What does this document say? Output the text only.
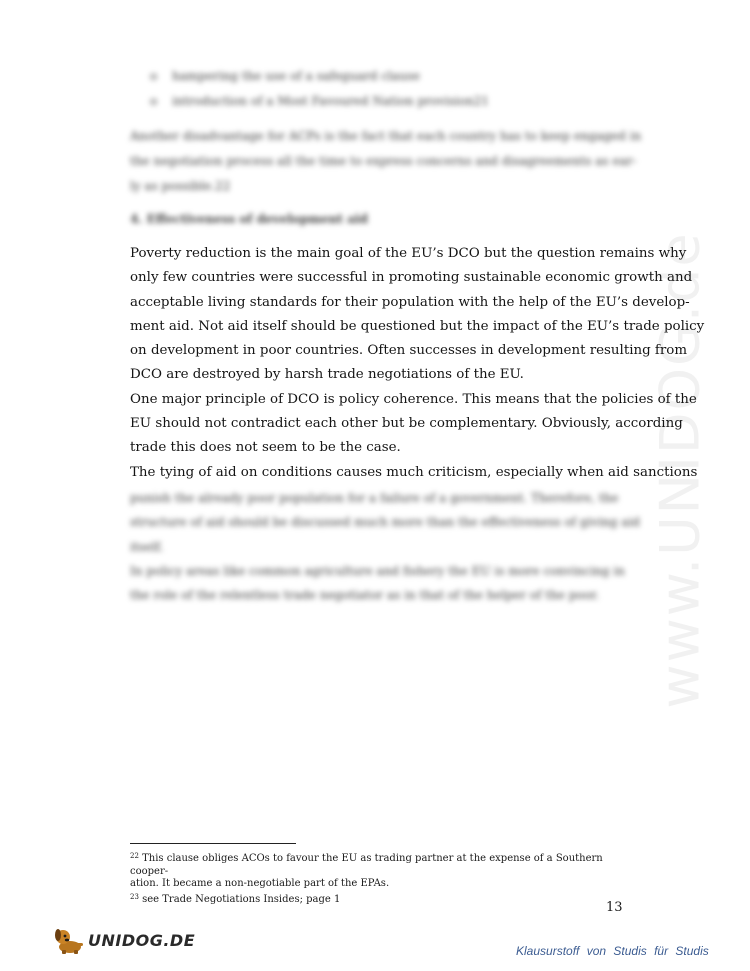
www.UNIDOG.de
o hampering the use of a safeguard clause
o introduction of a Most Favoured Nation provision21
Another disadvantage for ACPs is the fact that each country has to keep engaged in
the negotiation process all the time to express concerns and disagreements as ear-
ly as possible.22
4. Effectiveness of development aid

Poverty reduction is the main goal of the EU’s DCO but the question remains why
only few countries were successful in promoting sustainable economic growth and
acceptable living standards for their population with the help of the EU’s develop-
ment aid. Not aid itself should be questioned but the impact of the EU’s trade policy
on development in poor countries. Often successes in development resulting from
DCO are destroyed by harsh trade negotiations of the EU.

One major principle of DCO is policy coherence. This means that the policies of the
EU should not contradict each other but be complementary. Obviously, according
trade this does not seem to be the case.

The tying of aid on conditions causes much criticism, especially when aid sanctions

punish the already poor population for a failure of a government. Therefore, the
structure of aid should be discussed much more than the effectiveness of giving aid
itself.
In policy areas like common agriculture and fishery the EU is more convincing in
the role of the relentless trade negotiator as in that of the helper of the poor.
$^{22}$ This clause obliges ACOs to favour the EU as trading partner at the expense of a Southern cooper-
ation. It became a non-negotiable part of the EPAs.
$^{23}$ see Trade Negotiations Insides; page 1
13
UNIDOG.DE
Klausurstoff von Studis für Studis
